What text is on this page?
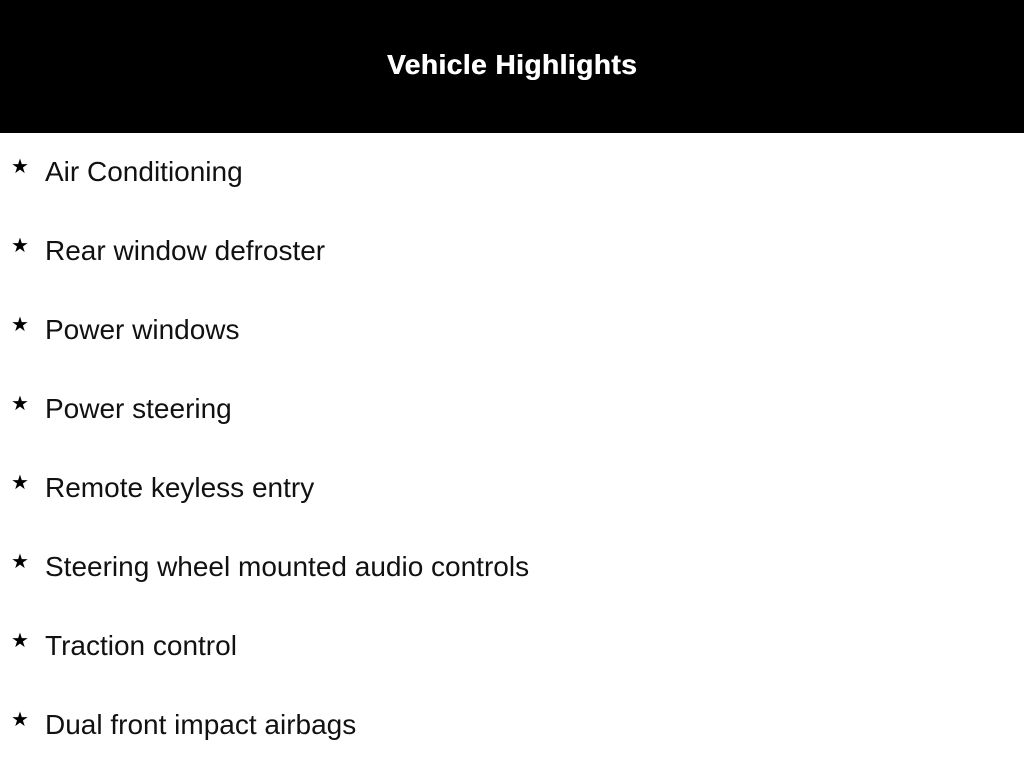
Vehicle Highlights
★ Air Conditioning
★ Rear window defroster
★ Power windows
★ Power steering
★ Remote keyless entry
★ Steering wheel mounted audio controls
★ Traction control
★ Dual front impact airbags
